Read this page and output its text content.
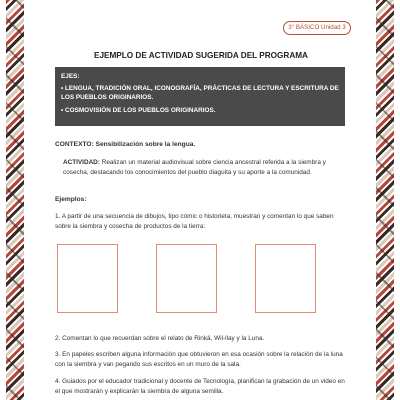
3° BÁSICO Unidad 3
EJEMPLO DE ACTIVIDAD SUGERIDA DEL PROGRAMA
EJES:
• LENGUA, TRADICIÓN ORAL, ICONOGRAFÍA, PRÁCTICAS DE LECTURA Y ESCRITURA DE LOS PUEBLOS ORIGINARIOS.
• COSMOVISIÓN DE LOS PUEBLOS ORIGINARIOS.
CONTEXTO: Sensibilización sobre la lengua.
ACTIVIDAD: Realizan un material audiovisual sobre ciencia ancestral referida a la siembra y cosecha, destacando los conocimientos del pueblo diaguita y su aporte a la comunidad.
Ejemplos:
1. A partir de una secuencia de dibujos, tipo cómic o historieta, muestran y comentan lo que saben sobre la siembra y cosecha de productos de la tierra:
2. Comentan lo que recuerdan sobre el relato de Rinkä, Wil-llay y la Luna.
3. En papeles escriben alguna información que obtuvieron en esa ocasión sobre la relación de la luna con la siembra y van pegando sus escritos en un muro de la sala.
4. Guiados por el educador tradicional y docente de Tecnología, planifican la grabación de un video en el que mostrarán y explicarán la siembra de alguna semilla.
